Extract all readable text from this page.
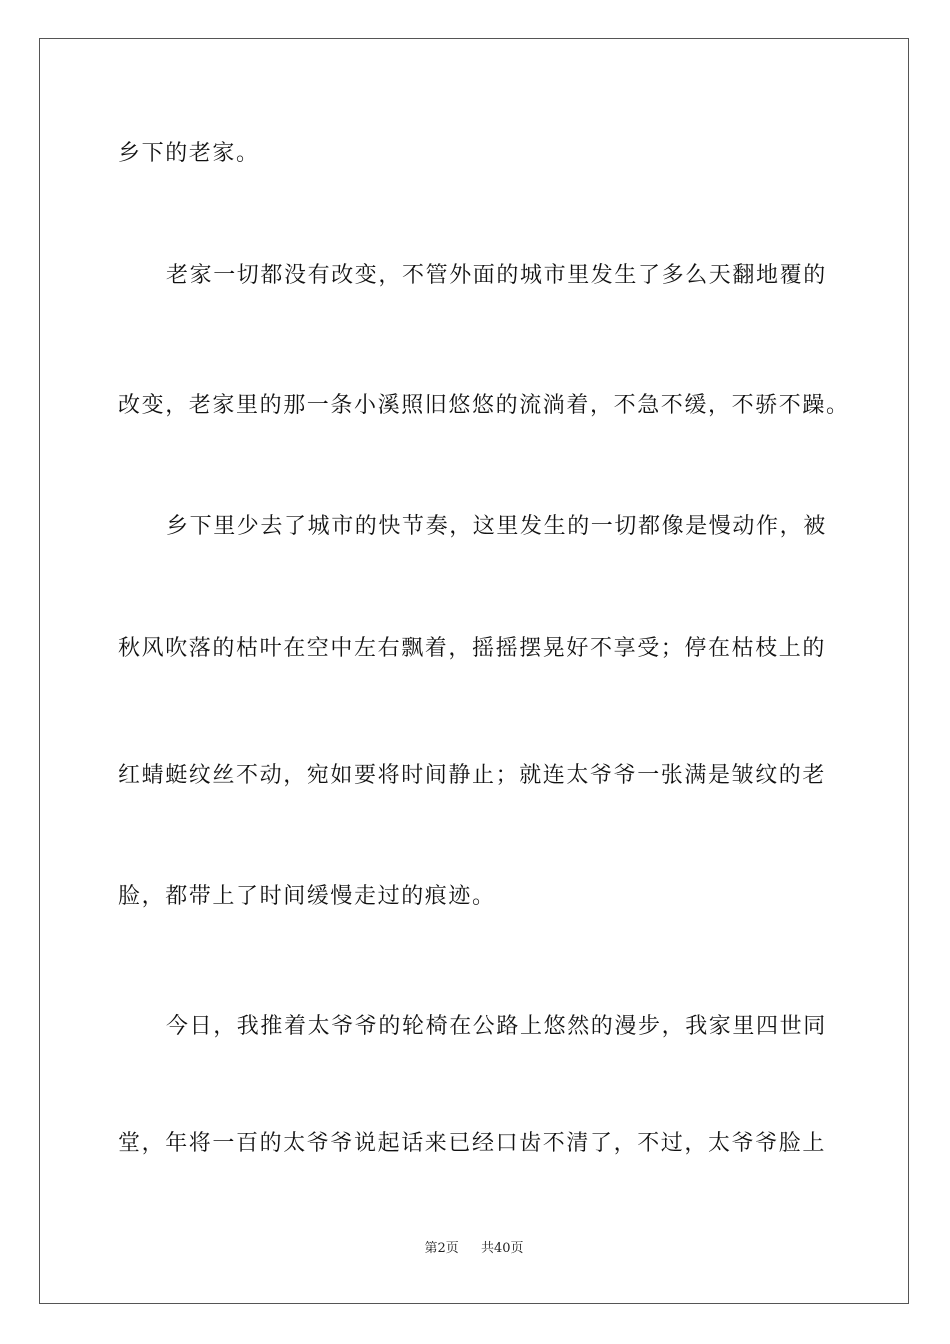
乡下的老家。
老家一切都没有改变，不管外面的城市里发生了多么天翻地覆的
改变，老家里的那一条小溪照旧悠悠的流淌着，不急不缓，不骄不躁。
乡下里少去了城市的快节奏，这里发生的一切都像是慢动作，被
秋风吹落的枯叶在空中左右飘着，摇摇摆晃好不享受；停在枯枝上的
红蜻蜓纹丝不动，宛如要将时间静止；就连太爷爷一张满是皱纹的老
脸，都带上了时间缓慢走过的痕迹。
今日，我推着太爷爷的轮椅在公路上悠然的漫步，我家里四世同
堂，年将一百的太爷爷说起话来已经口齿不清了，不过，太爷爷脸上
第2页 共40页
